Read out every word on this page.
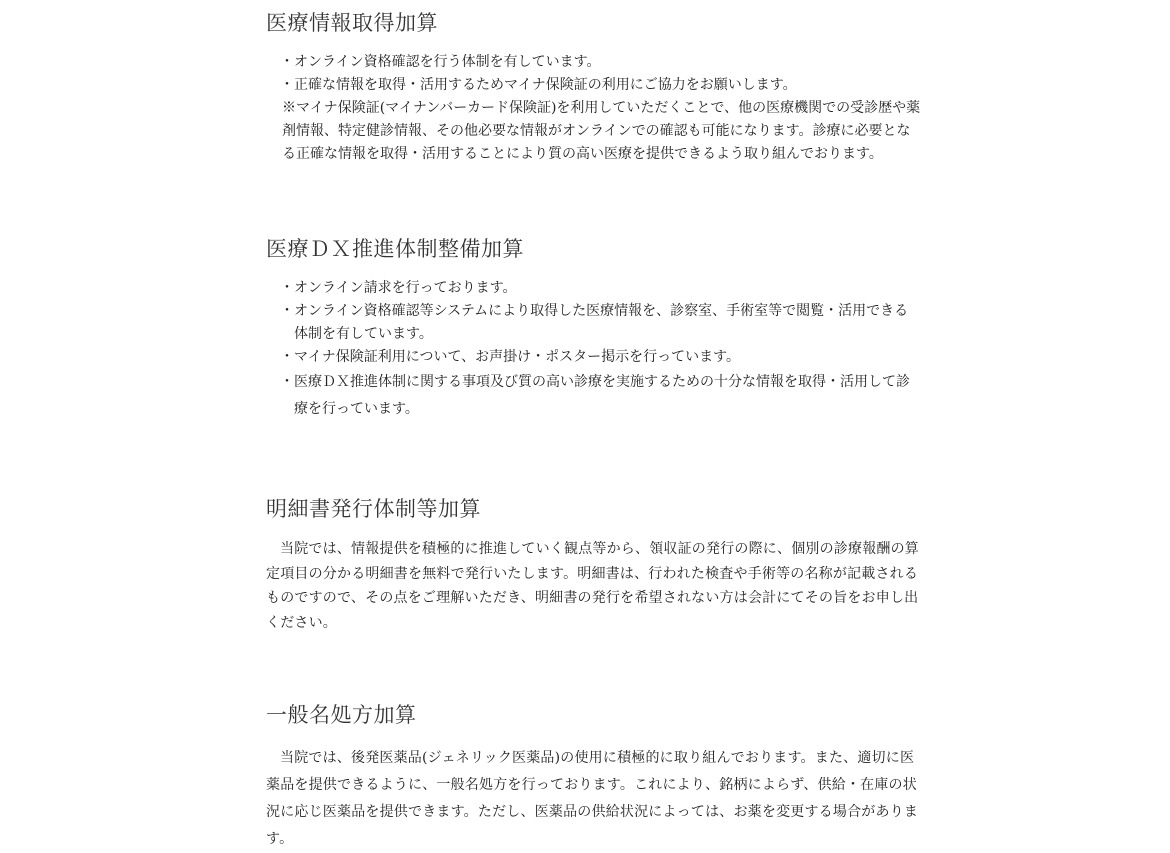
医療情報取得加算
・ オンライン資格確認を行う体制を有しています。
・ 正確な情報を取得・活用するためマイナ保険証の利用にご協力をお願いします。
※マイナ保険証(マイナンバーカード保険証)を利用していただくことで、他の医療機関での受診歴や薬剤情報、特定健診情報、その他必要な情報がオンラインでの確認も可能になります。診療に必要となる正確な情報を取得・活用することにより質の高い医療を提供できるよう取り組んでおります。
医療ＤＸ推進体制整備加算
・ オンライン請求を行っております。
・ オンライン資格確認等システムにより取得した医療情報を、診察室、手術室等で閲覧・活用できる体制を有しています。
・ マイナ保険証利用について、お声掛け・ポスター掲示を行っています。
・ 医療ＤＸ推進体制に関する事項及び質の高い診療を実施するための十分な情報を取得・活用して診療を行っています。
明細書発行体制等加算

当院では、情報提供を積極的に推進していく観点等から、領収証の発行の際に、個別の診療報酬の算定項目の分かる明細書を無料で発行いたします。明細書は、行われた検査や手術等の名称が記載されるものですので、その点をご理解いただき、明細書の発行を希望されない方は会計にてその旨をお申し出ください。

一般名処方加算

当院では、後発医薬品(ジェネリック医薬品)の使用に積極的に取り組んでおります。また、適切に医薬品を提供できるように、一般名処方を行っております。これにより、銘柄によらず、供給・在庫の状況に応じ医薬品を提供できます。ただし、医薬品の供給状況によっては、お薬を変更する場合があります。
